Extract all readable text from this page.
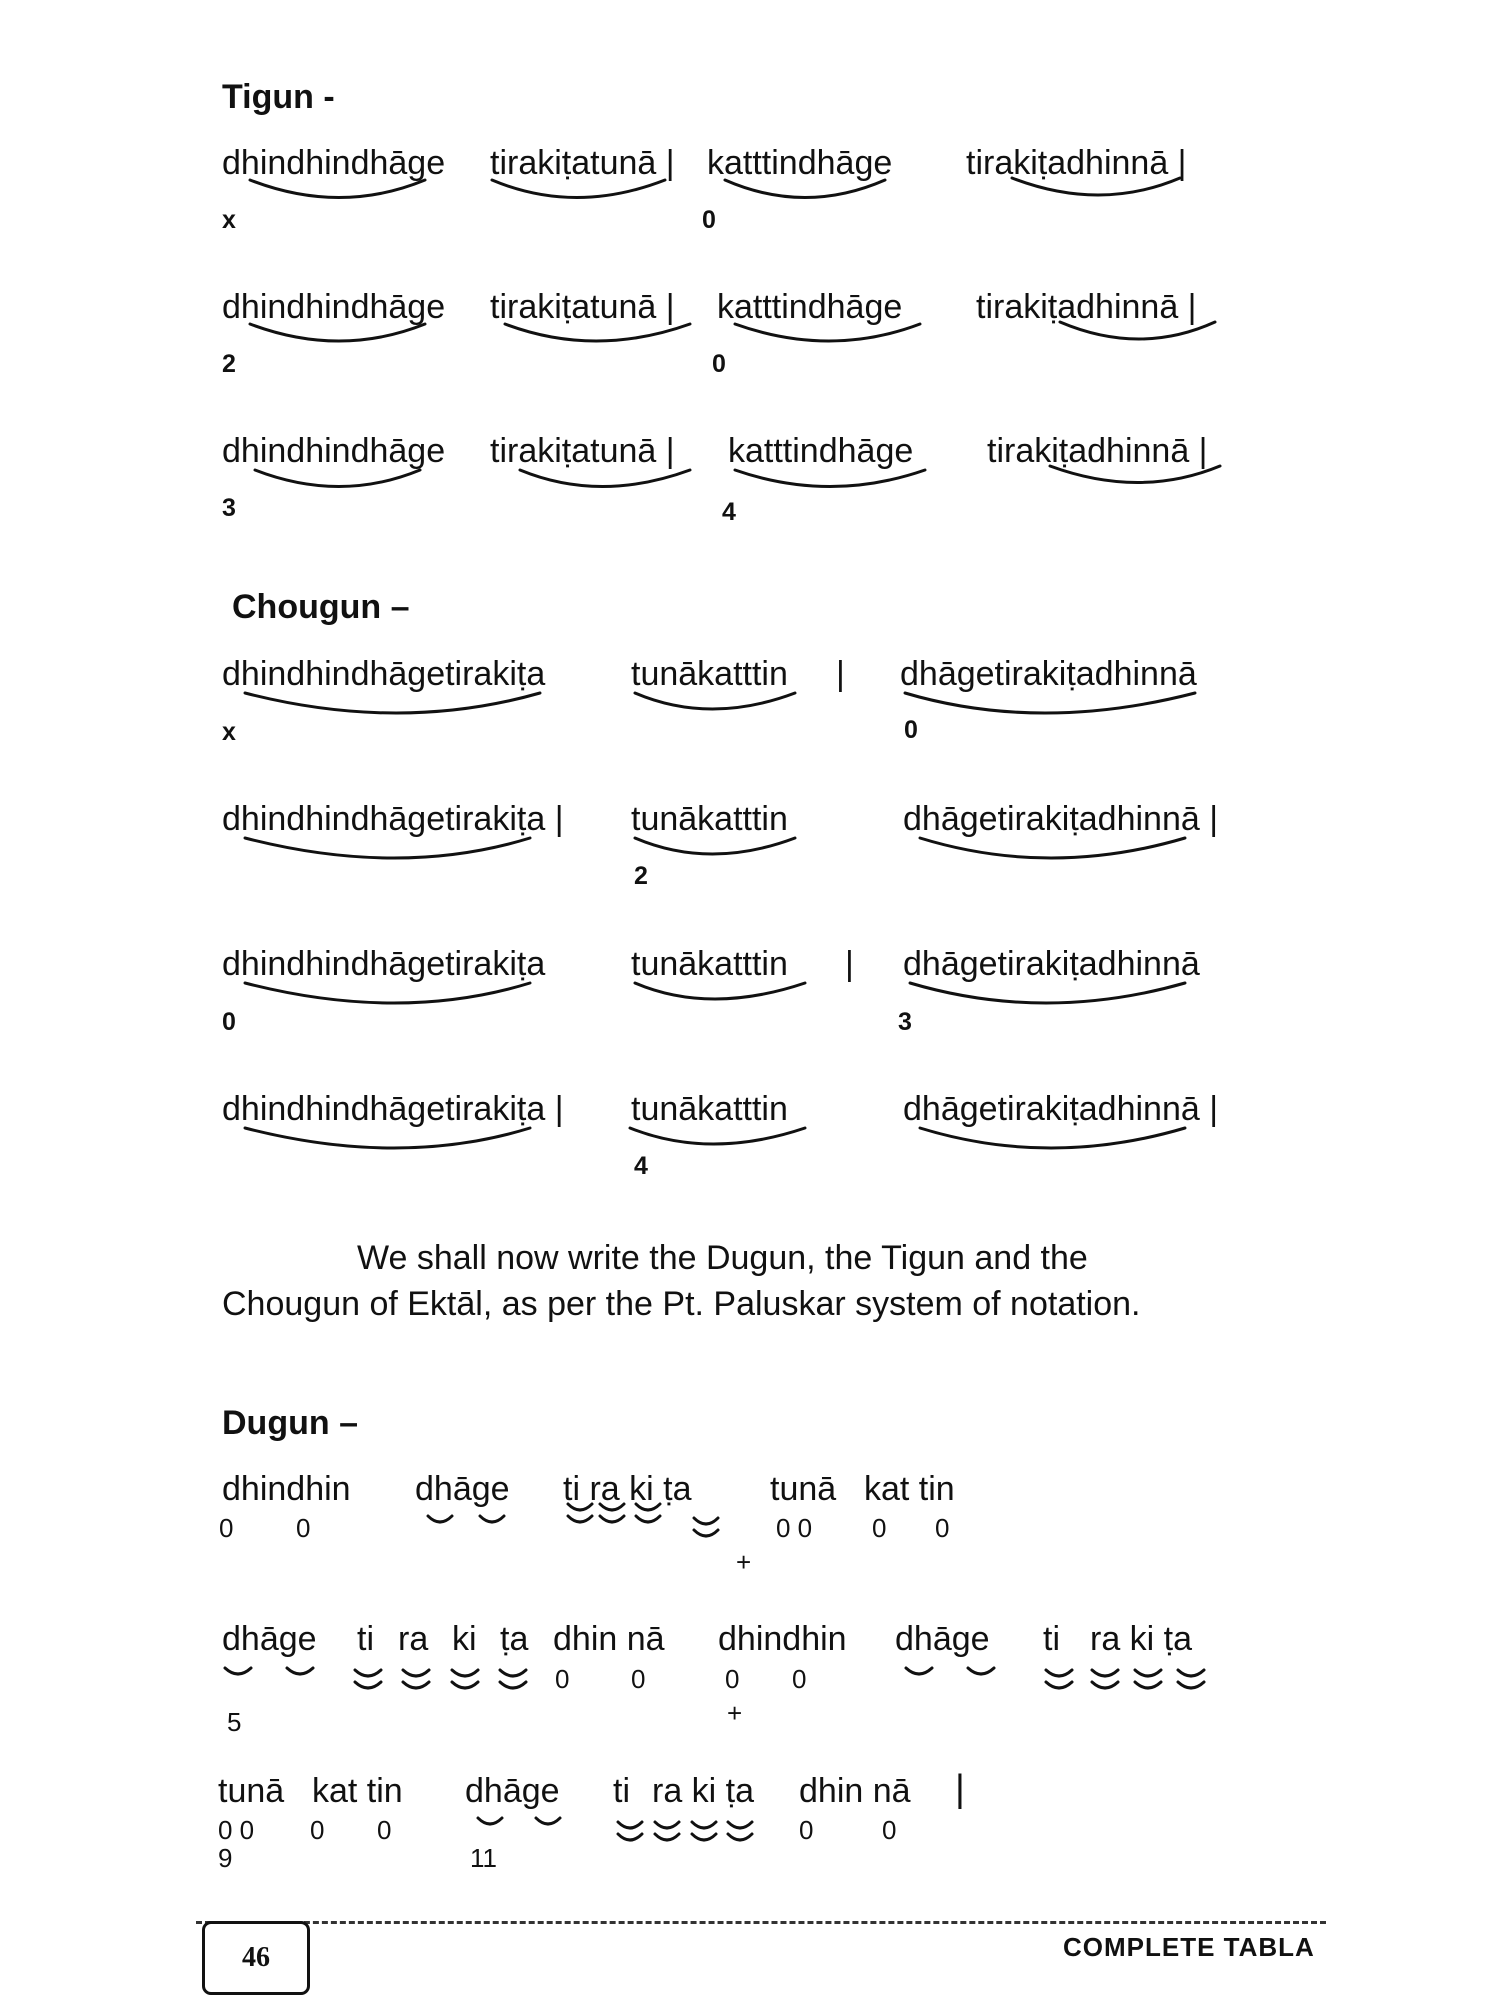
Tigun -
dhindhindhāge tirakiṭatunā | katttindhāge tirakiṭadhinnā |
x	0
dhindhindhāge tirakiṭatunā | katttindhāge tirakiṭadhinnā |
2	0
dhindhindhāge tirakiṭatunā | katttindhāge tirakiṭadhinnā |
3	4
Chougun –
dhindhindhāgetirakiṭa	tunākatttin | dhāgetirakiṭadhinnā
x	0
dhindhindhāgetirakiṭa | tunākatttin	dhāgetirakiṭadhinnā |
2
dhindhindhāgetirakiṭa	tunākatttin | dhāgetirakiṭadhinnā
0	3
dhindhindhāgetirakiṭa | tunākatttin	dhāgetirakiṭadhinnā |
4
We shall now write the Dugun, the Tigun and the
Chougun of Ektāl, as per the Pt. Paluskar system of notation.
Dugun –
dhindhin dhāge ti ra ki ṭa tunā kat tin
0 0	0 0 0 0
+
dhāge ti ra ki ṭa dhin nā dhindhin dhāge ti ra ki ṭa
0 0	0 0
5	+
tunā kat tin dhāge ti ra ki ṭa dhin nā |
0 0 0 0	0	0
9	11
46	COMPLETE TABLA
